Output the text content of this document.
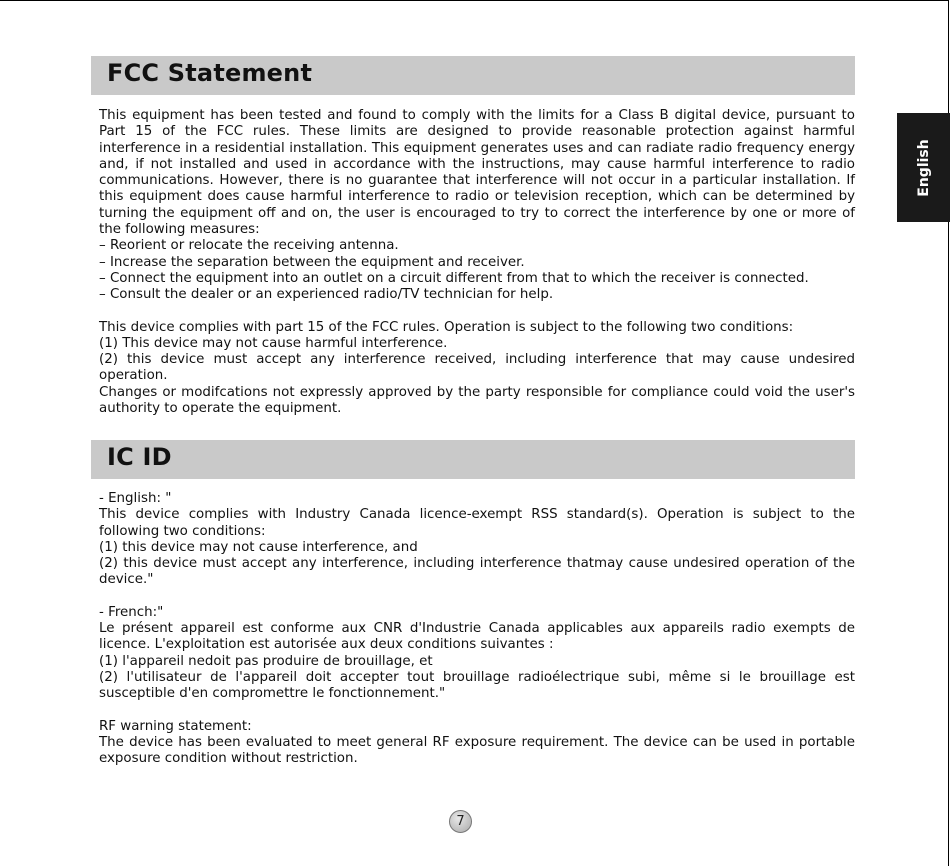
English
FCC Statement

This equipment has been tested and found to comply with the limits for a Class B digital device, pursuant to Part 15 of the FCC rules. These limits are designed to provide reasonable protection against harmful interference in a residential installation. This equipment generates uses and can radiate radio frequency energy and, if not installed and used in accordance with the instructions, may cause harmful interference to radio communications. However, there is no guarantee that interference will not occur in a particular installation. If this equipment does cause harmful interference to radio or television reception, which can be determined by turning the equipment off and on, the user is encouraged to try to correct the interference by one or more of the following measures:

– Reorient or relocate the receiving antenna.

– Increase the separation between the equipment and receiver.

– Connect the equipment into an outlet on a circuit different from that to which the receiver is connected.

– Consult the dealer or an experienced radio/TV technician for help.

This device complies with part 15 of the FCC rules. Operation is subject to the following two conditions:

(1) This device may not cause harmful interference.

(2) this device must accept any interference received, including interference that may cause undesired operation.

Changes or modifcations not expressly approved by the party responsible for compliance could void the user's authority to operate the equipment.

IC ID

- English: "

This device complies with Industry Canada licence-exempt RSS standard(s). Operation is subject to the following two conditions:

(1) this device may not cause interference, and

(2) this device must accept any interference, including interference thatmay cause undesired operation of the device."

- French:"

Le présent appareil est conforme aux CNR d'Industrie Canada applicables aux appareils radio exempts de licence. L'exploitation est autorisée aux deux conditions suivantes :

(1) l'appareil nedoit pas produire de brouillage, et

(2) l'utilisateur de l'appareil doit accepter tout brouillage radioélectrique subi, même si le brouillage est susceptible d'en compromettre le fonctionnement."

RF warning statement:

The device has been evaluated to meet general RF exposure requirement. The device can be used in portable exposure condition without restriction.

7
